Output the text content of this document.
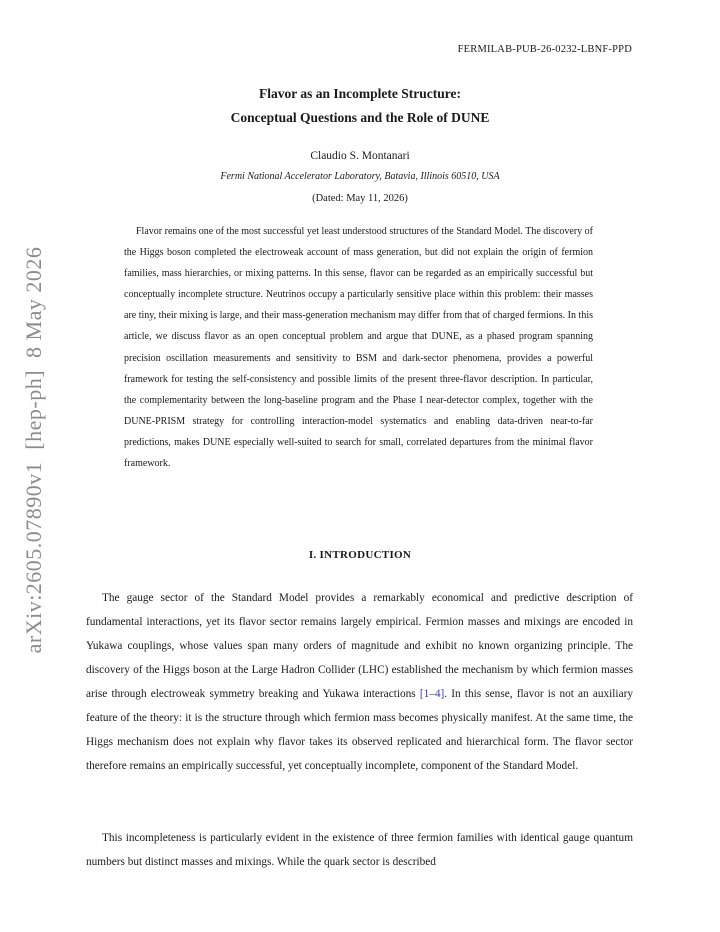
FERMILAB-PUB-26-0232-LBNF-PPD
Flavor as an Incomplete Structure:
Conceptual Questions and the Role of DUNE
Claudio S. Montanari
Fermi National Accelerator Laboratory, Batavia, Illinois 60510, USA
(Dated: May 11, 2026)
Flavor remains one of the most successful yet least understood structures of the Standard Model. The discovery of the Higgs boson completed the electroweak account of mass generation, but did not explain the origin of fermion families, mass hierarchies, or mixing patterns. In this sense, flavor can be regarded as an empirically successful but conceptually incomplete structure. Neutrinos occupy a particularly sensitive place within this problem: their masses are tiny, their mixing is large, and their mass-generation mechanism may differ from that of charged fermions. In this article, we discuss flavor as an open conceptual problem and argue that DUNE, as a phased program spanning precision oscillation measurements and sensitivity to BSM and dark-sector phenomena, provides a powerful framework for testing the self-consistency and possible limits of the present three-flavor description. In particular, the complementarity between the long-baseline program and the Phase I near-detector complex, together with the DUNE-PRISM strategy for controlling interaction-model systematics and enabling data-driven near-to-far predictions, makes DUNE especially well-suited to search for small, correlated departures from the minimal flavor framework.
I. INTRODUCTION
The gauge sector of the Standard Model provides a remarkably economical and predictive description of fundamental interactions, yet its flavor sector remains largely empirical. Fermion masses and mixings are encoded in Yukawa couplings, whose values span many orders of magnitude and exhibit no known organizing principle. The discovery of the Higgs boson at the Large Hadron Collider (LHC) established the mechanism by which fermion masses arise through electroweak symmetry breaking and Yukawa interactions [1–4]. In this sense, flavor is not an auxiliary feature of the theory: it is the structure through which fermion mass becomes physically manifest. At the same time, the Higgs mechanism does not explain why flavor takes its observed replicated and hierarchical form. The flavor sector therefore remains an empirically successful, yet conceptually incomplete, component of the Standard Model.
This incompleteness is particularly evident in the existence of three fermion families with identical gauge quantum numbers but distinct masses and mixings. While the quark sector is described
arXiv:2605.07890v1[hep-ph]8 May 2026
